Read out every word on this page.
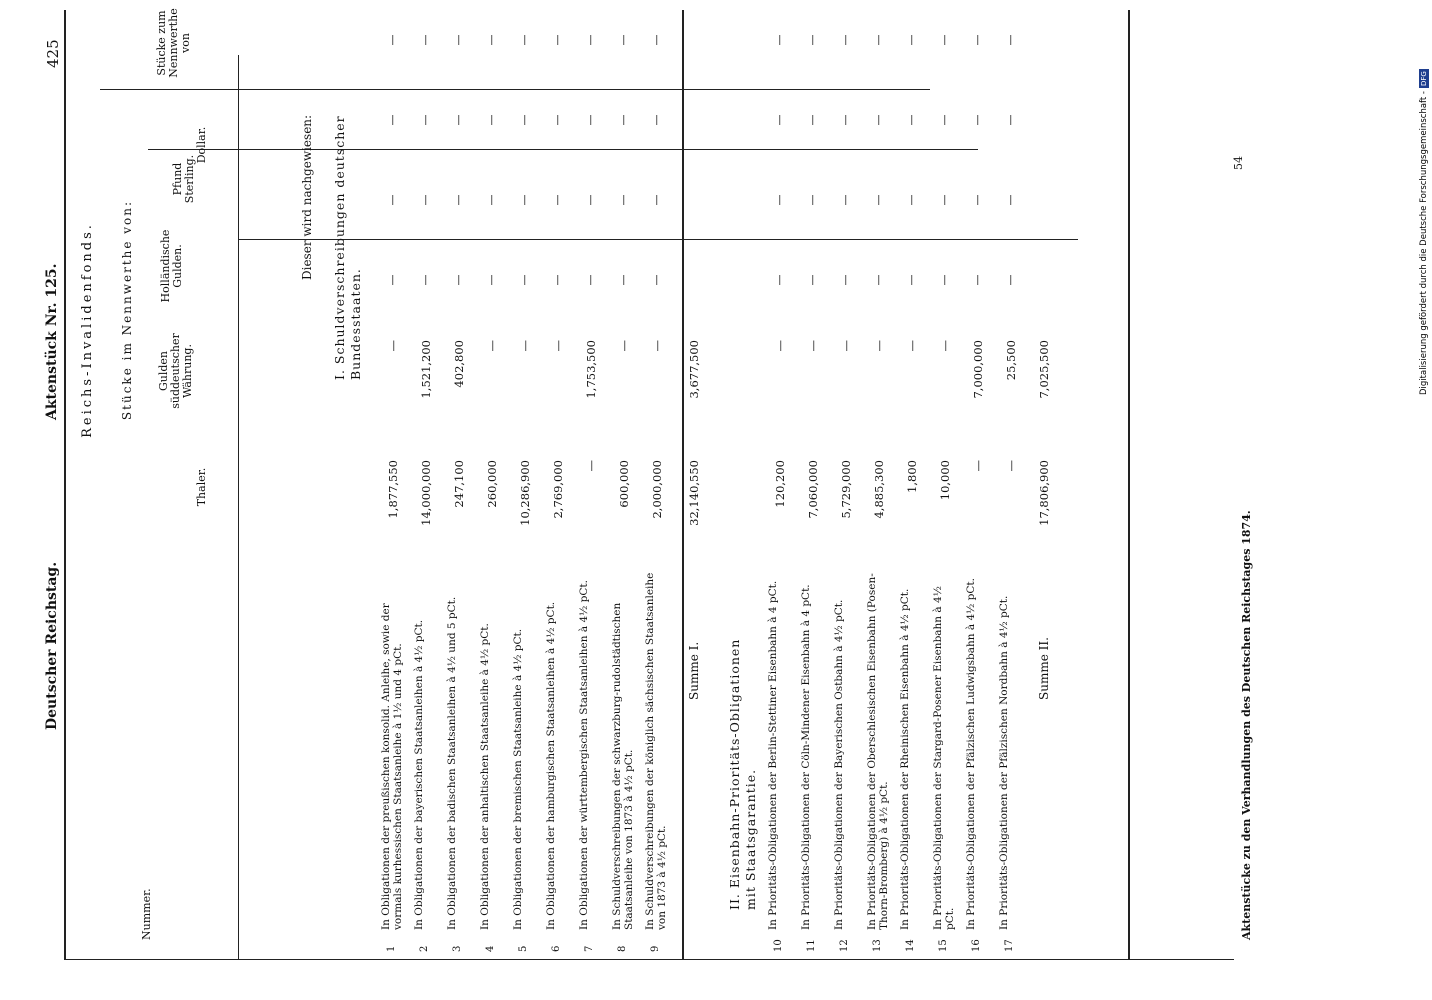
Deutscher Reichstag.
Aktenstück Nr. 125.
425
Reichs-Invalidenfonds. Stücke im Nennwerthe von:
Thaler.
Gulden süddeutscher Währung.
Holländische Gulden.
Pfund Sterling.
Dollar.
Stücke zum Nennwerthe von
Nummer.
Dieser wird nachgewiesen: I. Schuldverschreibungen deutscher Bundesstaaten.
1
In Obligationen der preußischen konsolid. Anleihe, sowie der vormals kurhessischen Staatsanleihe à 1½ und 4 pCt.
1,877,550
—
—
—
—
—
2
In Obligationen der bayerischen Staatsanleihen à 4½ pCt.
14,000,000
1,521,200
—
—
—
—
3
In Obligationen der badischen Staatsanleihen à 4½ und 5 pCt.
247,100
402,800
—
—
—
—
4
In Obligationen der anhaltischen Staatsanleihe à 4½ pCt.
260,000
—
—
—
—
—
5
In Obligationen der bremischen Staatsanleihe à 4½ pCt.
10,286,900
—
—
—
—
—
6
In Obligationen der hamburgischen Staatsanleihen à 4½ pCt.
2,769,000
—
—
—
—
—
7
In Obligationen der württembergischen Staatsanleihen à 4½ pCt.
—
1,753,500
—
—
—
—
8
In Schuldverschreibungen der schwarzburg-rudolstädtischen Staatsanleihe von 1873 à 4½ pCt.
600,000
—
—
—
—
—
9
In Schuldverschreibungen der königlich sächsischen Staatsanleihe von 1873 à 4½ pCt.
2,000,000
—
—
—
—
—
Summe I.
32,140,550
3,677,500
II. Eisenbahn-Prioritäts-Obligationen mit Staatsgarantie.
10
In Prioritäts-Obligationen der Berlin-Stettiner Eisenbahn à 4 pCt.
120,200
—
—
—
—
—
11
In Prioritäts-Obligationen der Cöln-Mindener Eisenbahn à 4 pCt.
7,060,000
—
—
—
—
—
12
In Prioritäts-Obligationen der Bayerischen Ostbahn à 4½ pCt.
5,729,000
—
—
—
—
—
13
In Prioritäts-Obligationen der Oberschlesischen Eisenbahn (Posen-Thorn-Bromberg) à 4½ pCt.
4,885,300
—
—
—
—
—
14
In Prioritäts-Obligationen der Rheinischen Eisenbahn à 4½ pCt.
1,800
—
—
—
—
—
15
In Prioritäts-Obligationen der Stargard-Posener Eisenbahn à 4½ pCt.
10,000
—
—
—
—
—
16
In Prioritäts-Obligationen der Pfälzischen Ludwigsbahn à 4½ pCt.
—
7,000,000
—
—
—
—
17
In Prioritäts-Obligationen der Pfälzischen Nordbahn à 4½ pCt.
—
25,500
—
—
—
—
Summe II.
17,806,900
7,025,500
Aktenstücke zu den Verhandlungen des Deutschen Reichstages 1874.
54	Digitalisierung gefördert durch die Deutsche Forschungsgemeinschaft -DFG
